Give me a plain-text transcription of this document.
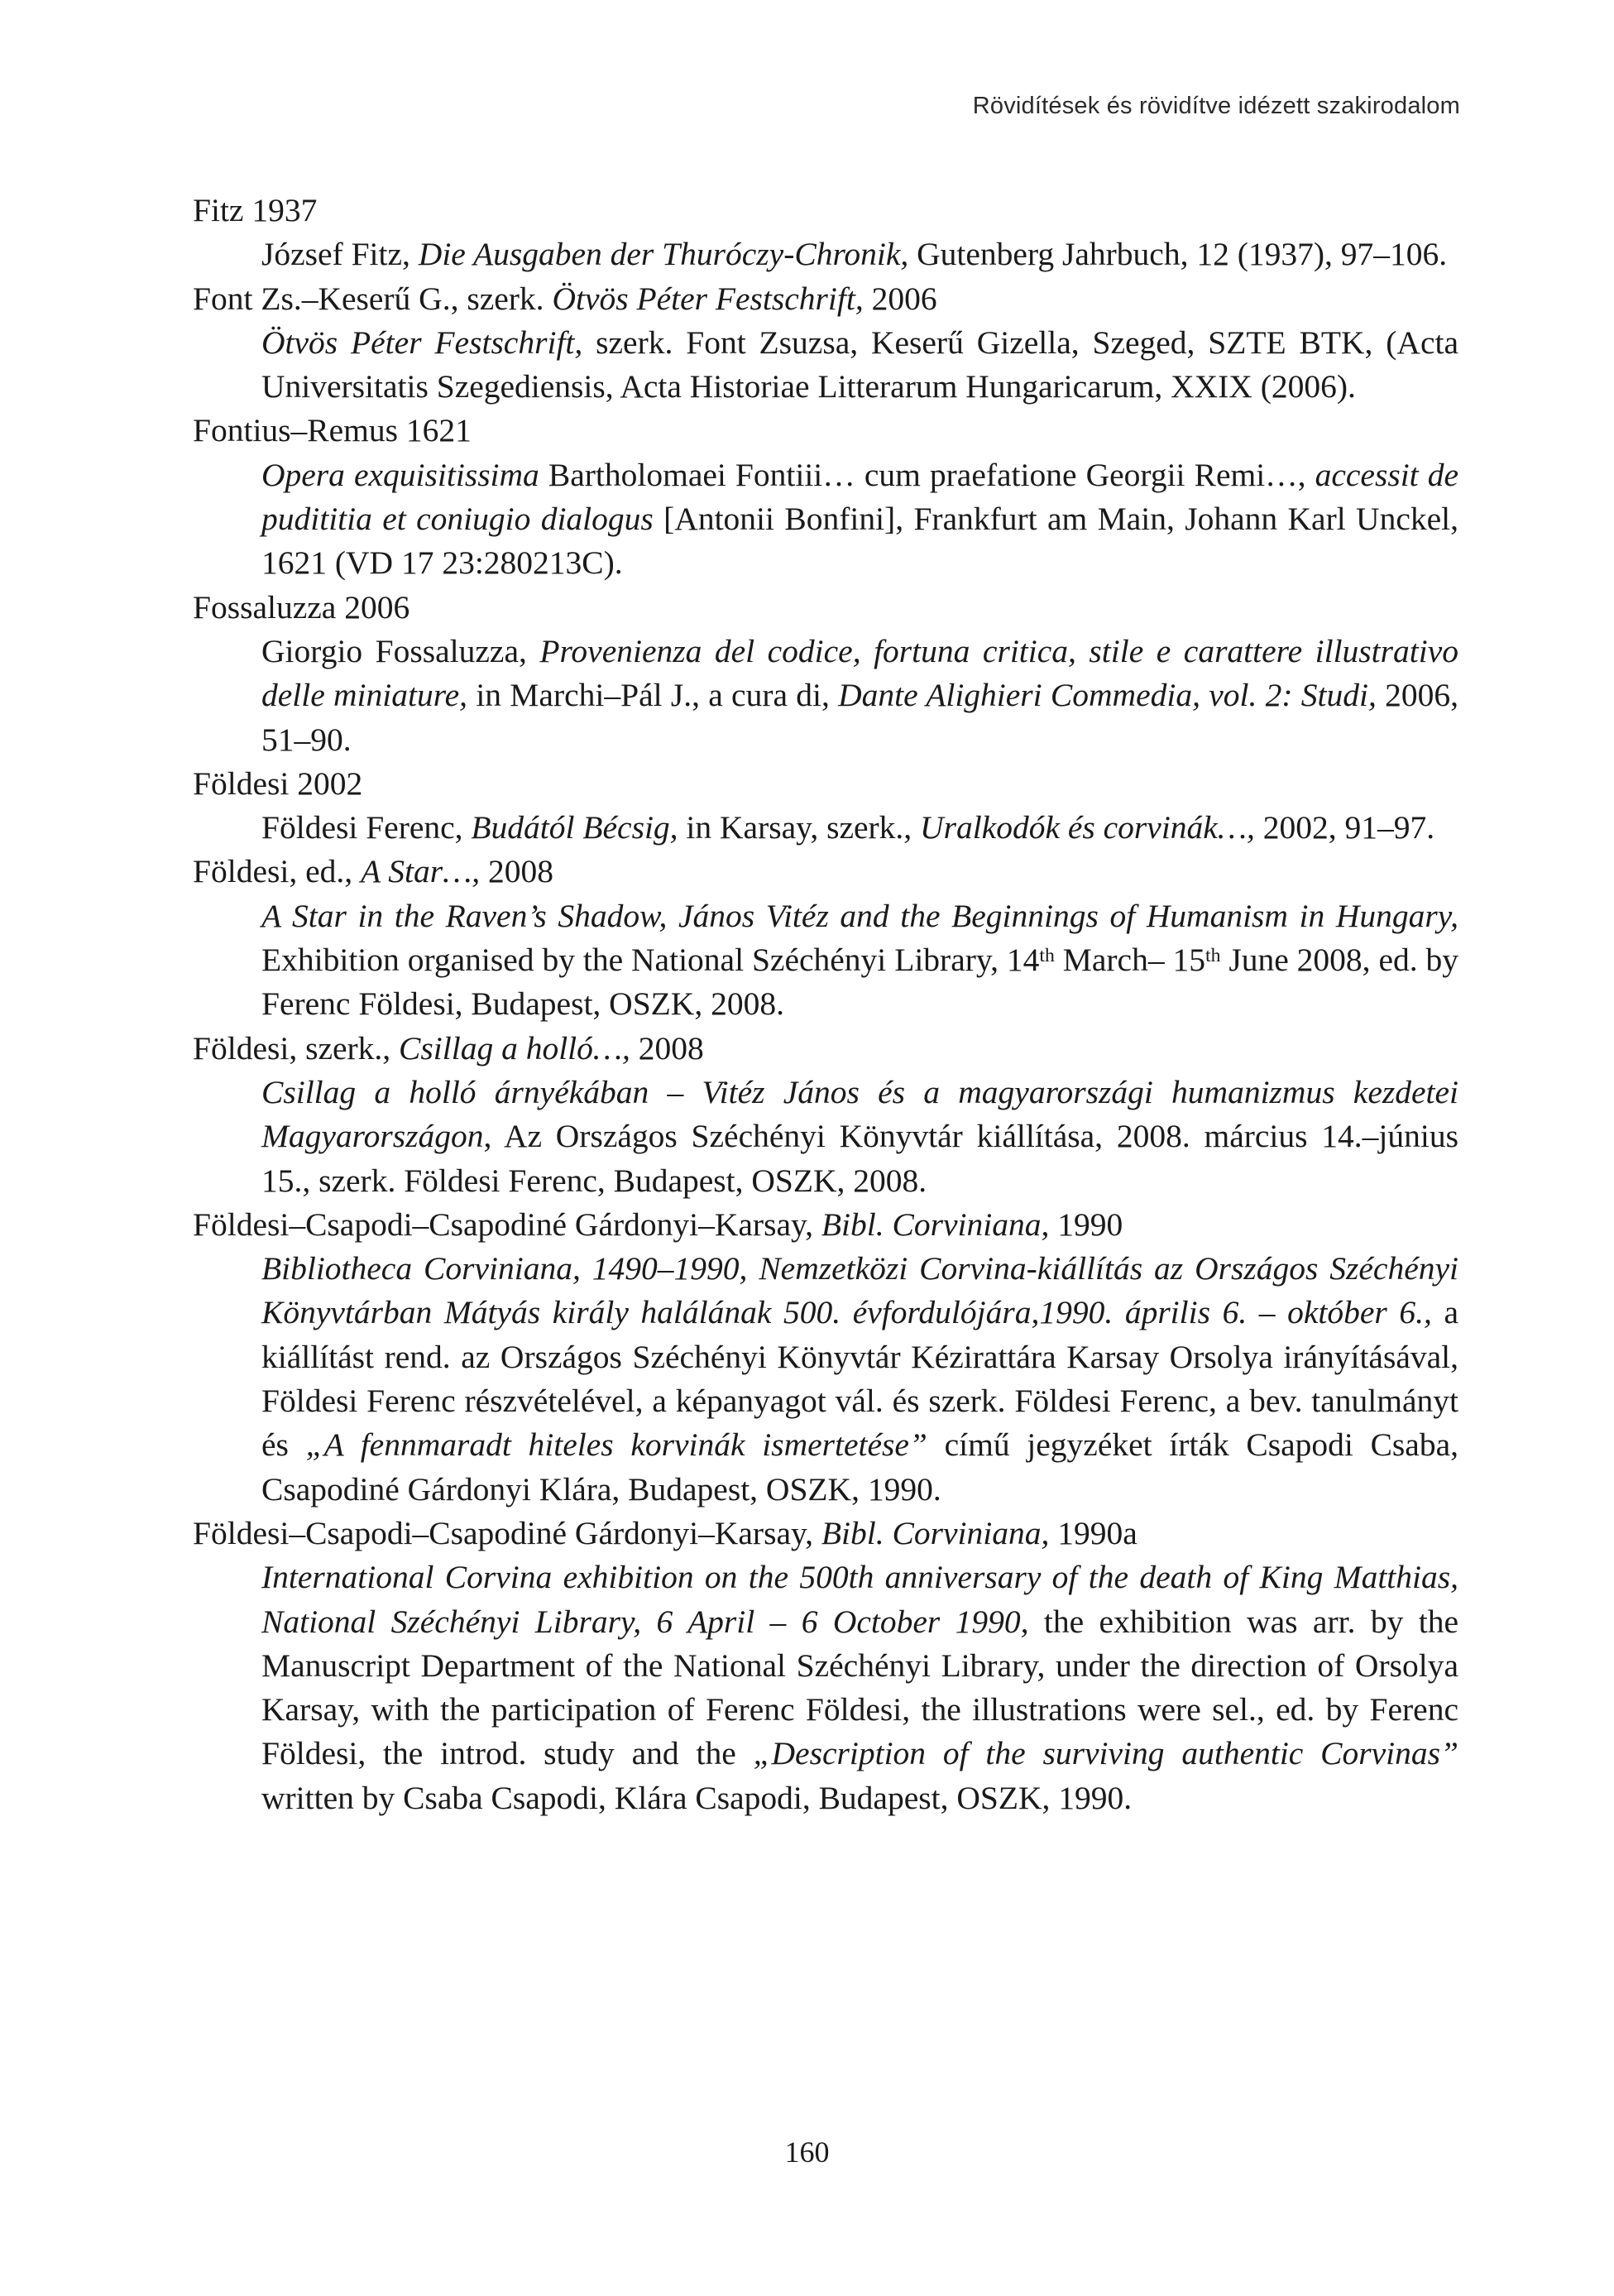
Rövidítések és rövidítve idézett szakirodalom

Fitz 1937

József Fitz, Die Ausgaben der Thuróczy-Chronik, Gutenberg Jahrbuch, 12 (1937), 97–106.

Font Zs.–Keserű G., szerk. Ötvös Péter Festschrift, 2006

Ötvös Péter Festschrift, szerk. Font Zsuzsa, Keserű Gizella, Szeged, SZTE BTK, (Acta Universitatis Szegediensis, Acta Historiae Litterarum Hungaricarum, XXIX (2006).

Fontius–Remus 1621

Opera exquisitissima Bartholomaei Fontiii… cum praefatione Georgii Remi…, accessit de pudititia et coniugio dialogus [Antonii Bonfini], Frankfurt am Main, Johann Karl Unckel, 1621 (VD 17 23:280213C).

Fossaluzza 2006

Giorgio Fossaluzza, Provenienza del codice, fortuna critica, stile e carattere illustrativo delle miniature, in Marchi–Pál J., a cura di, Dante Alighieri Commedia, vol. 2: Studi, 2006, 51–90.

Földesi 2002

Földesi Ferenc, Budától Bécsig, in Karsay, szerk., Uralkodók és corvinák…, 2002, 91–97.

Földesi, ed., A Star…, 2008

A Star in the Raven’s Shadow, János Vitéz and the Beginnings of Humanism in Hungary, Exhibition organised by the National Széchényi Library, 14th March– 15th June 2008, ed. by Ferenc Földesi, Budapest, OSZK, 2008.

Földesi, szerk., Csillag a holló…, 2008

Csillag a holló árnyékában – Vitéz János és a magyarországi humanizmus kezdetei Magyarországon, Az Országos Széchényi Könyvtár kiállítása, 2008. március 14.–június 15., szerk. Földesi Ferenc, Budapest, OSZK, 2008.

Földesi–Csapodi–Csapodiné Gárdonyi–Karsay, Bibl. Corviniana, 1990

Bibliotheca Corviniana, 1490–1990, Nemzetközi Corvina-kiállítás az Országos Széchényi Könyvtárban Mátyás király halálának 500. évfordulójára,1990. április 6. – október 6., a kiállítást rend. az Országos Széchényi Könyvtár Kézirattára Karsay Orsolya irányításával, Földesi Ferenc részvételével, a képanyagot vál. és szerk. Földesi Ferenc, a bev. tanulmányt és „A fennmaradt hiteles korvinák ismertetése” című jegyzéket írták Csapodi Csaba, Csapodiné Gárdonyi Klára, Budapest, OSZK, 1990.

Földesi–Csapodi–Csapodiné Gárdonyi–Karsay, Bibl. Corviniana, 1990a

International Corvina exhibition on the 500th anniversary of the death of King Matthias, National Széchényi Library, 6 April – 6 October 1990, the exhibition was arr. by the Manuscript Department of the National Széchényi Library, under the direction of Orsolya Karsay, with the participation of Ferenc Földesi, the illustrations were sel., ed. by Ferenc Földesi, the introd. study and the „Description of the surviving authentic Corvinas” written by Csaba Csapodi, Klára Csapodi, Budapest, OSZK, 1990.

160
